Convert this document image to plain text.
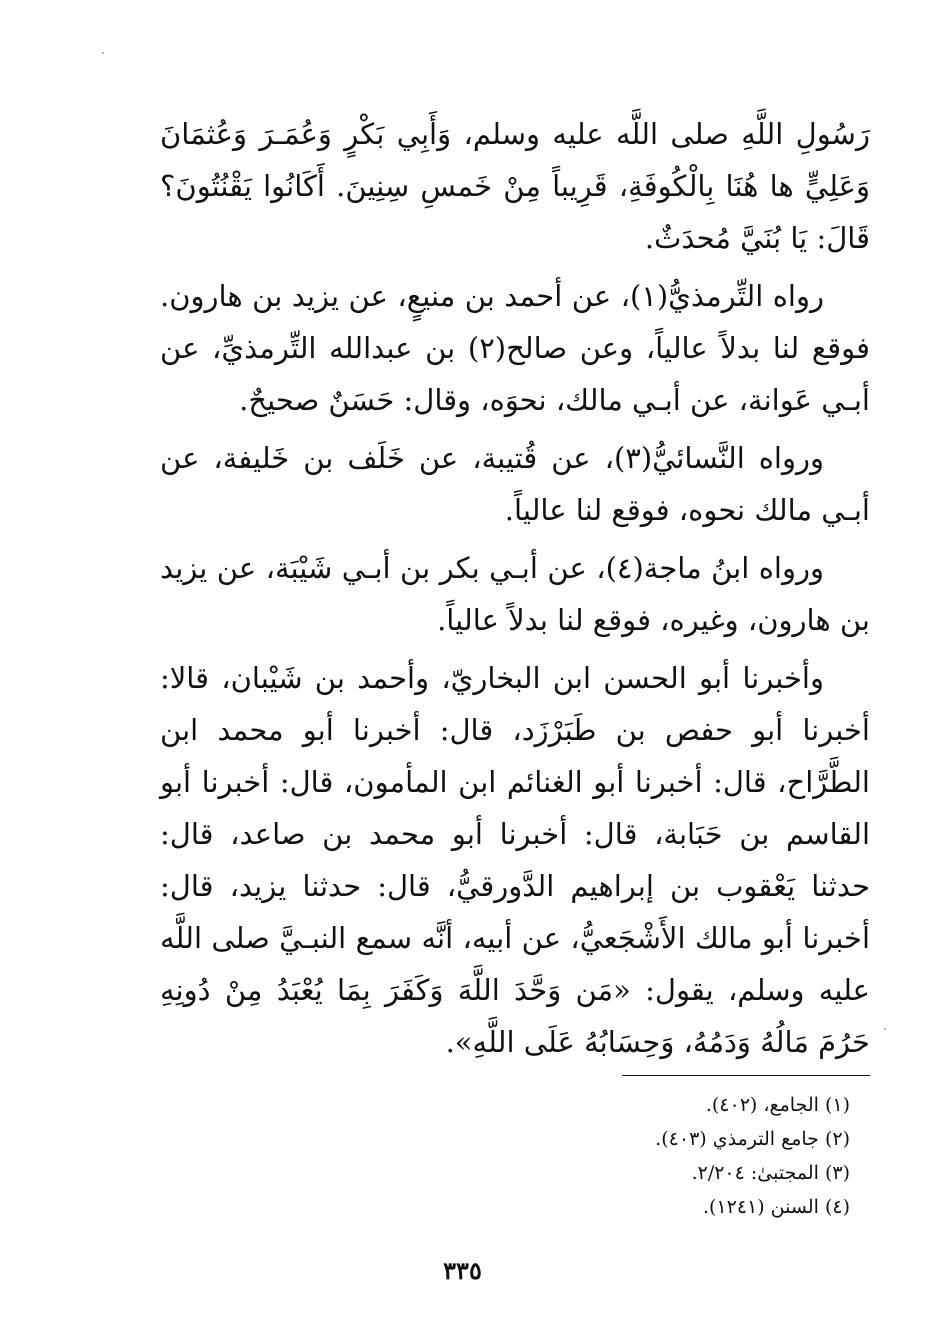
رَسُولِ اللَّهِ صلى اللَّه عليه وسلم، وَأَبِي بَكْرٍ وَعُمَـرَ وَعُثمَانَ وَعَلِيٍّ ها هُنَا بِالْكُوفَةِ، قَرِيباً مِنْ خَمسِ سِنِينَ. أَكَانُوا يَقْنُتُونَ؟ قَالَ: يَا بُنَيَّ مُحدَثٌ.

رواه التِّرمذيُّ(١)، عن أحمد بن منيعٍ، عن يزيد بن هارون. فوقع لنا بدلاً عالياً، وعن صالح(٢) بن عبدالله التِّرمذيِّ، عن أبـي عَوانة، عن أبـي مالك، نحوَه، وقال: حَسَنٌ صحيحٌ.

ورواه النَّسائيُّ(٣)، عن قُتيبة، عن خَلَف بن خَليفة، عن أبـي مالك نحوه، فوقع لنا عالياً.

ورواه ابنُ ماجة(٤)، عن أبـي بكر بن أبـي شَيْبَة، عن يزيد بن هارون، وغيره، فوقع لنا بدلاً عالياً.

وأخبرنا أبو الحسن ابن البخاريّ، وأحمد بن شَيْبان، قالا: أخبرنا أبو حفص بن طَبَرْزَد، قال: أخبرنا أبو محمد ابن الطَّرَّاح، قال: أخبرنا أبو الغنائم ابن المأمون، قال: أخبرنا أبو القاسم بن حَبَابة، قال: أخبرنا أبو محمد بن صاعد، قال: حدثنا يَعْقوب بن إبراهيم الدَّورقيُّ، قال: حدثنا يزيد، قال: أخبرنا أبو مالك الأَشْجَعيُّ، عن أبيه، أنَّه سمع النبـيَّ صلى اللَّه عليه وسلم، يقول: «مَن وَحَّدَ اللَّهَ وَكَفَرَ بِمَا يُعْبَدُ مِنْ دُونِهِ حَرُمَ مَالُهُ وَدَمُهُ، وَحِسَابُهُ عَلَى اللَّهِ».

(١) الجامع، (٤٠٢).
(٢) جامع الترمذي (٤٠٣).
(٣) المجتبىٰ: ٢/٢٠٤.
(٤) السنن (١٢٤١).
٣٣٥
